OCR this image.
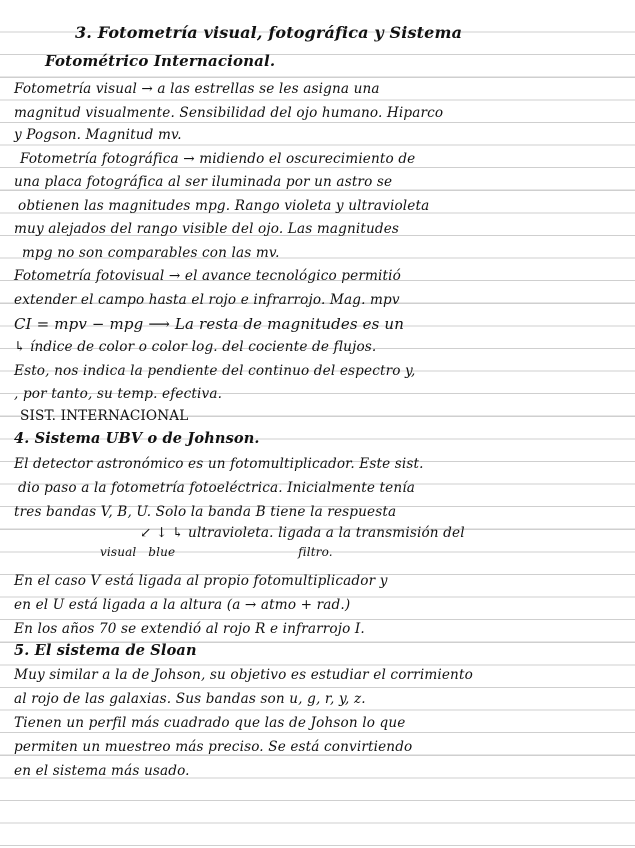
3. Fotometría visual, fotográfica y Sistema
Fotométrico Internacional.
Fotometría visual → a las estrellas se les asigna una
magnitud visualmente. Sensibilidad del ojo humano. Hiparco
y Pogson. Magnitud mv.
Fotometría fotográfica → midiendo el oscurecimiento de
una placa fotográfica al ser iluminada por un astro se
obtienen las magnitudes mpg. Rango violeta y ultravioleta
muy alejados del rango visible del ojo. Las magnitudes
mpg no son comparables con las mv.
Fotometría fotovisual → el avance tecnológico permitió
extender el campo hasta el rojo e infrarrojo. Mag. mpv
CI = mpv − mpg ⟶ La resta de magnitudes es un
↳ índice de color o color log. del cociente de flujos.
Esto, nos indica la pendiente del continuo del espectro y,
, por tanto, su temp. efectiva.
SIST. INTERNACIONAL
4. Sistema UBV o de Johnson.
El detector astronómico es un fotomultiplicador. Este sist.
dio paso a la fotometría fotoeléctrica. Inicialmente tenía
tres bandas V, B, U. Solo la banda B tiene la respuesta
↙ ↓ ↳ ultravioleta. ligada a la transmisión del
visual   blue                               filtro.
En el caso V está ligada al propio fotomultiplicador y
en el U está ligada a la altura (a → atmo + rad.)
En los años 70 se extendió al rojo R e infrarrojo I.
5. El sistema de Sloan
Muy similar a la de Johson, su objetivo es estudiar el corrimiento
al rojo de las galaxias. Sus bandas son u, g, r, y, z.
Tienen un perfil más cuadrado que las de Johson lo que
permiten un muestreo más preciso. Se está convirtiendo
en el sistema más usado.
